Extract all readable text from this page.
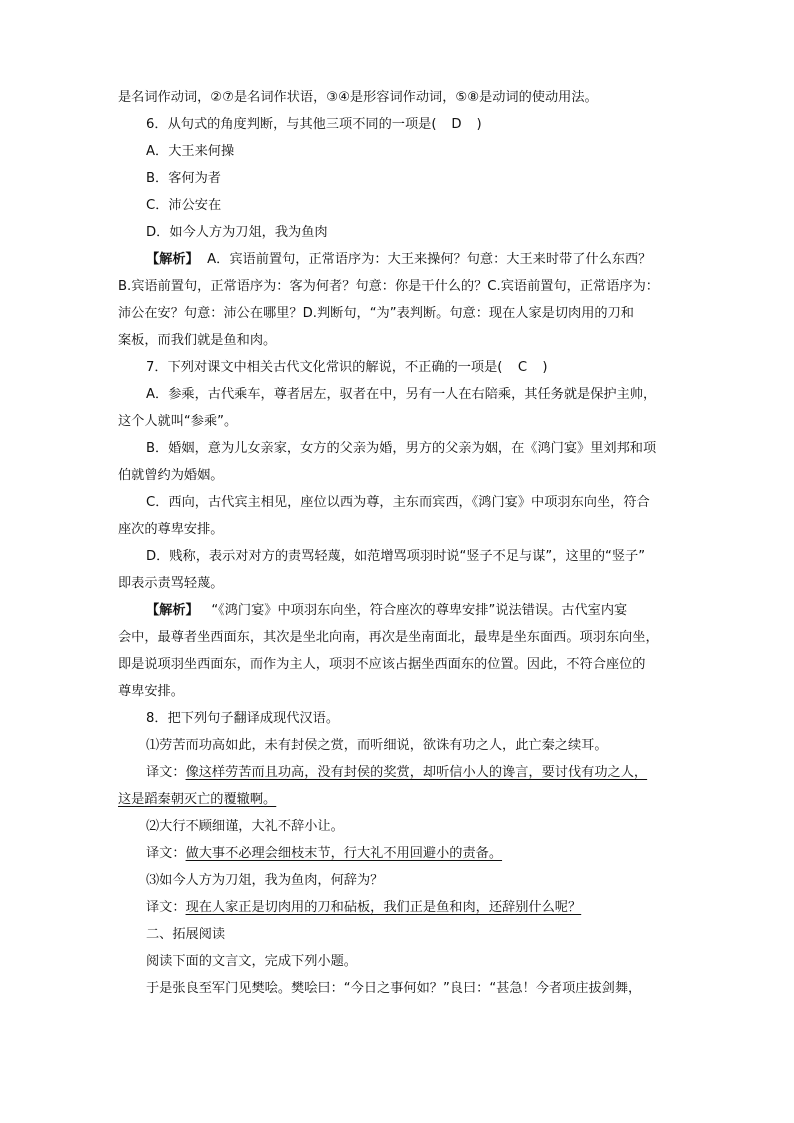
是名词作动词，②⑦是名词作状语，③④是形容词作动词，⑤⑧是动词的使动用法。
6．从句式的角度判断，与其他三项不同的一项是( D )
A．大王来何操
B．客何为者
C．沛公安在
D．如今人方为刀俎，我为鱼肉
【解析】 A．宾语前置句，正常语序为：大王来操何？句意：大王来时带了什么东西？
B.宾语前置句，正常语序为：客为何者？句意：你是干什么的？C.宾语前置句，正常语序为：
沛公在安？句意：沛公在哪里？D.判断句，“为”表判断。句意：现在人家是切肉用的刀和
案板，而我们就是鱼和肉。
7．下列对课文中相关古代文化常识的解说，不正确的一项是( C )
A．参乘，古代乘车，尊者居左，驭者在中，另有一人在右陪乘，其任务就是保护主帅，
这个人就叫“参乘”。
B．婚姻，意为儿女亲家，女方的父亲为婚，男方的父亲为姻，在《鸿门宴》里刘邦和项
伯就曾约为婚姻。
C．西向，古代宾主相见，座位以西为尊，主东而宾西，《鸿门宴》中项羽东向坐，符合
座次的尊卑安排。
D．贱称，表示对对方的责骂轻蔑，如范增骂项羽时说“竖子不足与谋”，这里的“竖子”
即表示责骂轻蔑。
【解析】 “《鸿门宴》中项羽东向坐，符合座次的尊卑安排”说法错误。古代室内宴
会中，最尊者坐西面东，其次是坐北向南，再次是坐南面北，最卑是坐东面西。项羽东向坐，
即是说项羽坐西面东，而作为主人，项羽不应该占据坐西面东的位置。因此，不符合座位的
尊卑安排。
8．把下列句子翻译成现代汉语。
⑴劳苦而功高如此，未有封侯之赏，而听细说，欲诛有功之人，此亡秦之续耳。
译文：像这样劳苦而且功高，没有封侯的奖赏，却听信小人的谗言，要讨伐有功之人，
这是蹈秦朝灭亡的覆辙啊。
⑵大行不顾细谨，大礼不辞小让。
译文：做大事不必理会细枝末节，行大礼不用回避小的责备。
⑶如今人方为刀俎，我为鱼肉，何辞为？
译文：现在人家正是切肉用的刀和砧板，我们正是鱼和肉，还辞别什么呢？
二、拓展阅读
阅读下面的文言文，完成下列小题。
于是张良至军门见樊哙。樊哙曰：“今日之事何如？”良曰：“甚急！今者项庄拔剑舞，
